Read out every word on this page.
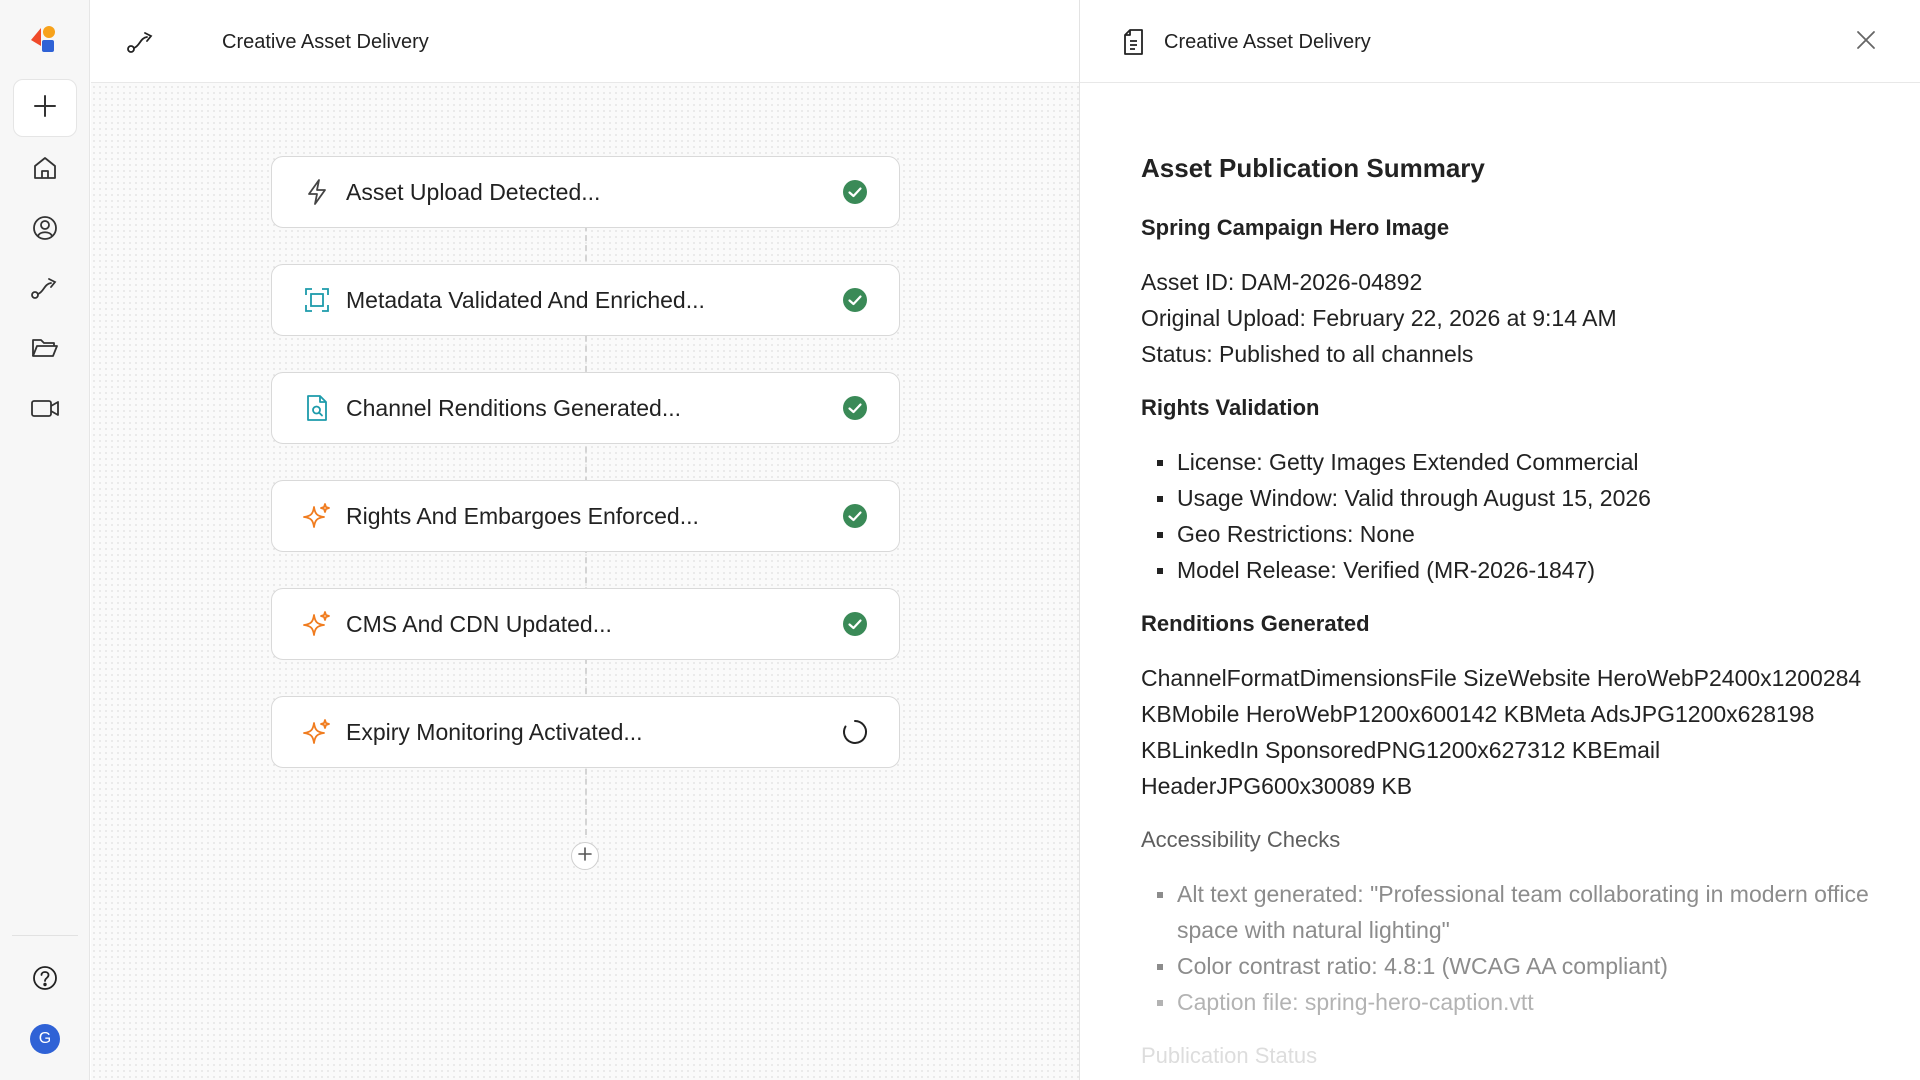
G
Creative Asset Delivery
Asset Upload Detected...
Metadata Validated And Enriched...
Channel Renditions Generated...
Rights And Embargoes Enforced...
CMS And CDN Updated...
Expiry Monitoring Activated...
Creative Asset Delivery
Asset Publication Summary
Spring Campaign Hero Image

Asset ID: DAM-2026-04892

Original Upload: February 22, 2026 at 9:14 AM

Status: Published to all channels

Rights Validation
License: Getty Images Extended Commercial
Usage Window: Valid through August 15, 2026
Geo Restrictions: None
Model Release: Verified (MR-2026-1847)
Renditions Generated

ChannelFormatDimensionsFile SizeWebsite HeroWebP2400x1200284 KBMobile HeroWebP1200x600142 KBMeta AdsJPG1200x628198 KBLinkedIn SponsoredPNG1200x627312 KBEmail HeaderJPG600x30089 KB

Accessibility Checks
Alt text generated: "Professional team collaborating in modern office space with natural lighting"
Color contrast ratio: 4.8:1 (WCAG AA compliant)
Caption file: spring-hero-caption.vtt
Publication Status
